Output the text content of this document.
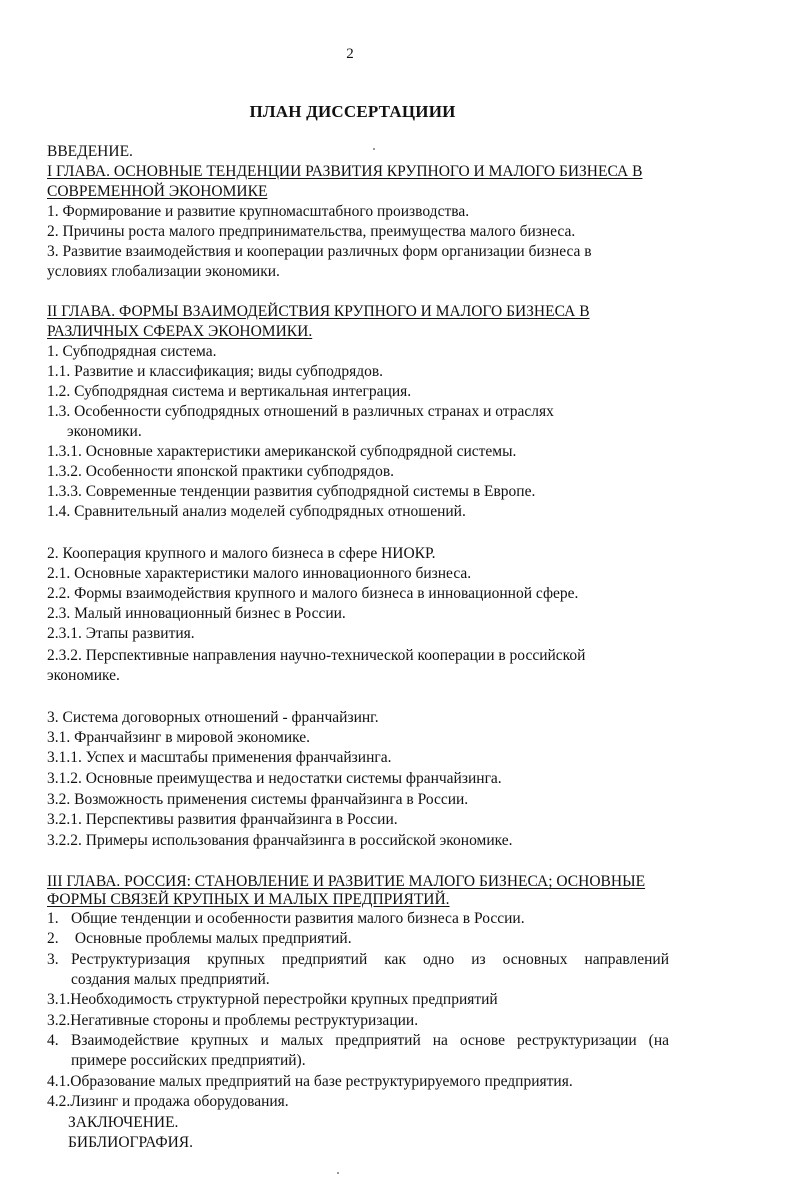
2
ПЛАН ДИССЕРТАЦИИИ
ВВЕДЕНИЕ.
I ГЛАВА. ОСНОВНЫЕ ТЕНДЕНЦИИ РАЗВИТИЯ КРУПНОГО И МАЛОГО БИЗНЕСА В
СОВРЕМЕННОЙ ЭКОНОМИКЕ
1. Формирование и развитие крупномасштабного производства.
2. Причины роста малого предпринимательства, преимущества малого бизнеса.
3. Развитие взаимодействия и кооперации различных форм организации бизнеса в
условиях глобализации экономики.
II ГЛАВА. ФОРМЫ ВЗАИМОДЕЙСТВИЯ КРУПНОГО И МАЛОГО БИЗНЕСА В
РАЗЛИЧНЫХ СФЕРАХ ЭКОНОМИКИ.
1. Субподрядная система.
1.1. Развитие и классификация; виды субподрядов.
1.2. Субподрядная система и вертикальная интеграция.
1.3. Особенности субподрядных отношений в различных странах и отраслях
экономики.
1.3.1. Основные характеристики американской субподрядной системы.
1.3.2. Особенности японской практики субподрядов.
1.3.3. Современные тенденции развития субподрядной системы в Европе.
1.4. Сравнительный анализ моделей субподрядных отношений.
2. Кооперация крупного и малого бизнеса в сфере НИОКР.
2.1. Основные характеристики малого инновационного бизнеса.
2.2. Формы взаимодействия крупного и малого бизнеса в инновационной сфере.
2.3. Малый инновационный бизнес в России.
2.3.1. Этапы развития.
2.3.2. Перспективные направления научно-технической кооперации в российской
экономике.
3. Система договорных отношений - франчайзинг.
3.1. Франчайзинг в мировой экономике.
3.1.1. Успех и масштабы применения франчайзинга.
3.1.2. Основные преимущества и недостатки системы франчайзинга.
3.2. Возможность применения системы франчайзинга в России.
3.2.1. Перспективы развития франчайзинга в России.
3.2.2. Примеры использования франчайзинга в российской экономике.
III ГЛАВА. РОССИЯ: СТАНОВЛЕНИЕ И РАЗВИТИЕ МАЛОГО БИЗНЕСА; ОСНОВНЫЕ
ФОРМЫ СВЯЗЕЙ КРУПНЫХ И МАЛЫХ ПРЕДПРИЯТИЙ.
1. Общие тенденции и особенности развития малого бизнеса в России.
2. Основные проблемы малых предприятий.
3. Реструктуризация крупных предприятий как одно из основных направлений
создания малых предприятий.
3.1.Необходимость структурной перестройки крупных предприятий
3.2.Негативные стороны и проблемы реструктуризации.
4. Взаимодействие крупных и малых предприятий на основе реструктуризации (на
примере российских предприятий).
4.1.Образование малых предприятий на базе реструктурируемого предприятия.
4.2.Лизинг и продажа оборудования.
ЗАКЛЮЧЕНИЕ.
БИБЛИОГРАФИЯ.
